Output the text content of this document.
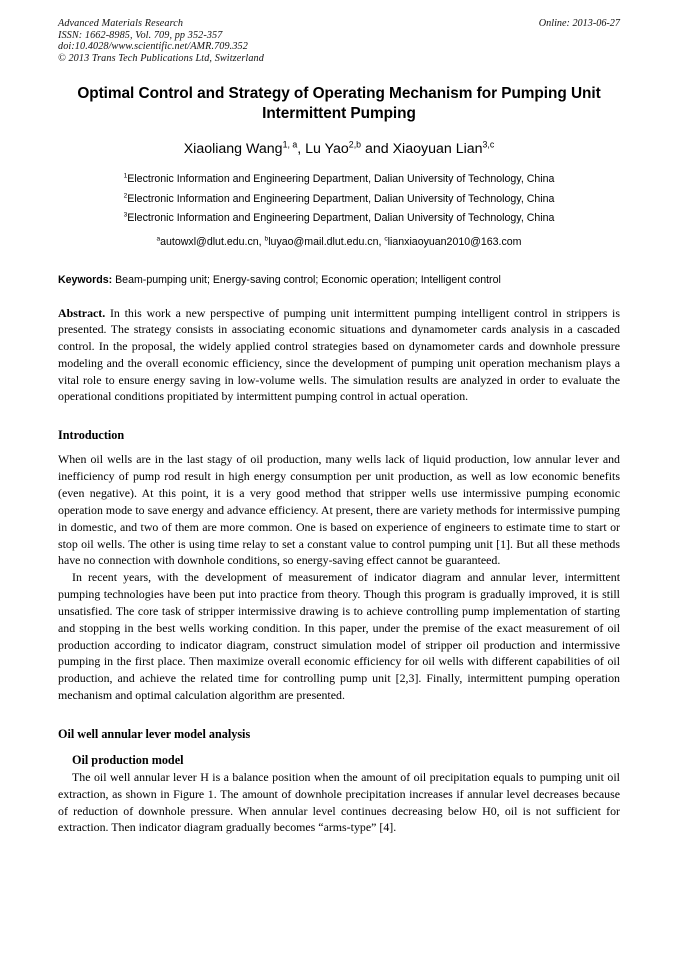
Advanced Materials Research
ISSN: 1662-8985, Vol. 709, pp 352-357
doi:10.4028/www.scientific.net/AMR.709.352
© 2013 Trans Tech Publications Ltd, Switzerland
Online: 2013-06-27
Optimal Control and Strategy of Operating Mechanism for Pumping Unit Intermittent Pumping
Xiaoliang Wang$^{1, a}$, Lu Yao$^{2,b}$ and Xiaoyuan Lian$^{3,c}$
$^1$Electronic Information and Engineering Department, Dalian University of Technology, China
$^2$Electronic Information and Engineering Department, Dalian University of Technology, China
$^3$Electronic Information and Engineering Department, Dalian University of Technology, China
$^a$autowxl@dlut.edu.cn, $^b$luyao@mail.dlut.edu.cn, $^c$lianxiaoyuan2010@163.com
Keywords: Beam-pumping unit; Energy-saving control; Economic operation; Intelligent control
Abstract. In this work a new perspective of pumping unit intermittent pumping intelligent control in strippers is presented. The strategy consists in associating economic situations and dynamometer cards analysis in a cascaded control. In the proposal, the widely applied control strategies based on dynamometer cards and downhole pressure modeling and the overall economic efficiency, since the development of pumping unit operation mechanism plays a vital role to ensure energy saving in low-volume wells. The simulation results are analyzed in order to evaluate the operational conditions propitiated by intermittent pumping control in actual operation.
Introduction

When oil wells are in the last stagy of oil production, many wells lack of liquid production, low annular lever and inefficiency of pump rod result in high energy consumption per unit production, as well as low economic benefits (even negative). At this point, it is a very good method that stripper wells use intermissive pumping economic operation mode to save energy and advance efficiency. At present, there are variety methods for intermissive pumping in domestic, and two of them are more common. One is based on experience of engineers to estimate time to start or stop oil wells. The other is using time relay to set a constant value to control pumping unit [1]. But all these methods have no connection with downhole conditions, so energy-saving effect cannot be guaranteed.

In recent years, with the development of measurement of indicator diagram and annular lever, intermittent pumping technologies have been put into practice from theory. Though this program is gradually improved, it is still unsatisfied. The core task of stripper intermissive drawing is to achieve controlling pump implementation of starting and stopping in the best wells working condition. In this paper, under the premise of the exact measurement of oil production according to indicator diagram, construct simulation model of stripper oil production and intermissive pumping in the first place. Then maximize overall economic efficiency for oil wells with different capabilities of oil production, and achieve the related time for controlling pump unit [2,3]. Finally, intermittent pumping operation mechanism and optimal calculation algorithm are presented.

Oil well annular lever model analysis
Oil production model

The oil well annular lever H is a balance position when the amount of oil precipitation equals to pumping unit oil extraction, as shown in Figure 1. The amount of downhole precipitation increases if annular level decreases because of reduction of downhole pressure. When annular level continues decreasing below H0, oil is not sufficient for extraction. Then indicator diagram gradually becomes “arms-type” [4].
